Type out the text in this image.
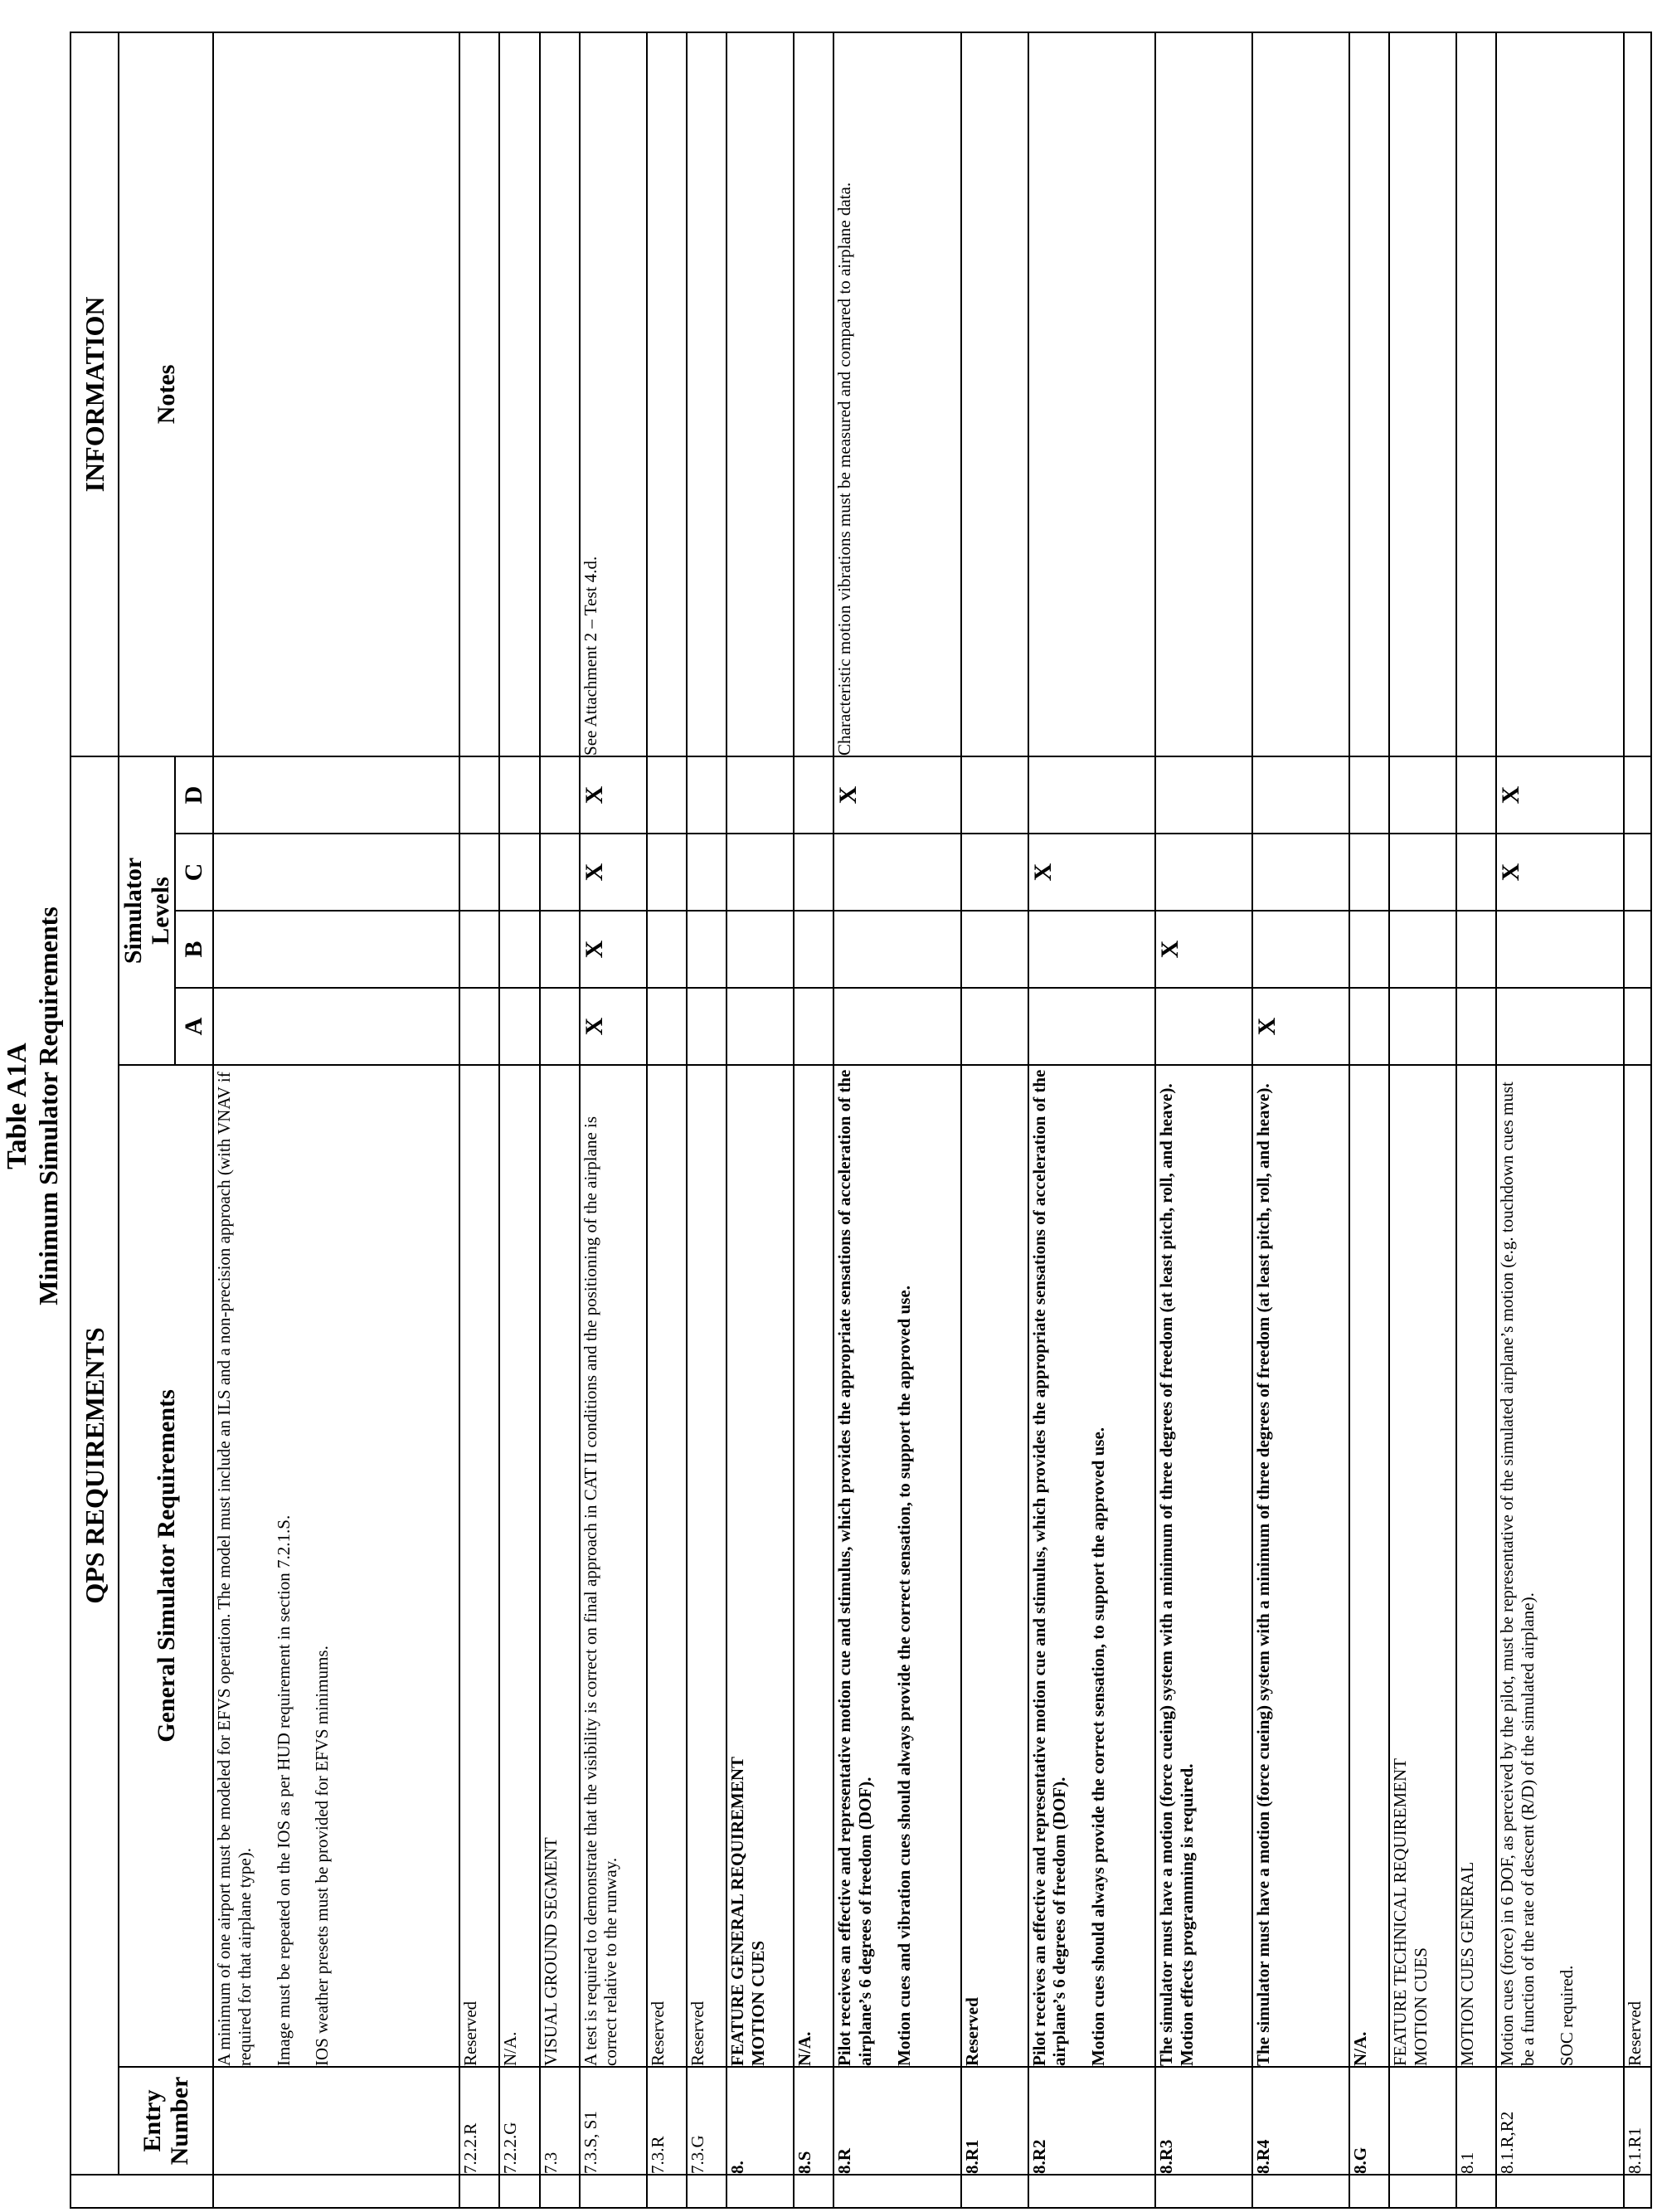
Table A1A Minimum Simulator Requirements
	QPS REQUIREMENTS						INFORMATION

	Entry Number	General Simulator Requirements	Simulator Levels				Notes
			A	B	C	D	

		A minimum of one airport must be modeled for EFVS operation. The model must include an ILS and a non-precision approach (with VNAV if required for that airplane type). Image must be repeated on the IOS as per HUD requirement in section 7.2.1.S. IOS weather presets must be provided for EFVS minimums.					

	7.2.2.R	Reserved					

	7.2.2.G	N/A.					

	7.3	VISUAL GROUND SEGMENT					

	7.3.S, S1	A test is required to demonstrate that the visibility is correct on final approach in CAT II conditions and the positioning of the airplane is correct relative to the runway.	X	X	X	X	See Attachment 2 – Test 4.d.
	7.3.R	Reserved					

	7.3.G	Reserved					

	8.	FEATURE GENERAL REQUIREMENT MOTION CUES					

	8.S	N/A.					

	8.R	Pilot receives an effective and representative motion cue and stimulus, which provides the appropriate sensations of acceleration of the airplane’s 6 degrees of freedom (DOF). Motion cues and vibration cues should always provide the correct sensation, to support the approved use.				X	Characteristic motion vibrations must be measured and compared to airplane data.
	8.R1	Reserved					

	8.R2	Pilot receives an effective and representative motion cue and stimulus, which provides the appropriate sensations of acceleration of the airplane’s 6 degrees of freedom (DOF). Motion cues should always provide the correct sensation, to support the approved use.			X		
	8.R3	The simulator must have a motion (force cueing) system with a minimum of three degrees of freedom (at least pitch, roll, and heave). Motion effects programming is required.		X			
	8.R4	The simulator must have a motion (force cueing) system with a minimum of three degrees of freedom (at least pitch, roll, and heave).	X				
	8.G	N/A.					

		FEATURE TECHNICAL REQUIREMENT MOTION CUES					

	8.1	MOTION CUES GENERAL					

	8.1.R,R2	Motion cues (force) in 6 DOF, as perceived by the pilot, must be representative of the simulated airplane’s motion (e.g. touchdown cues must be a function of the rate of descent (R/D) of the simulated airplane). SOC required.			X	X	
	8.1.R1	Reserved					
